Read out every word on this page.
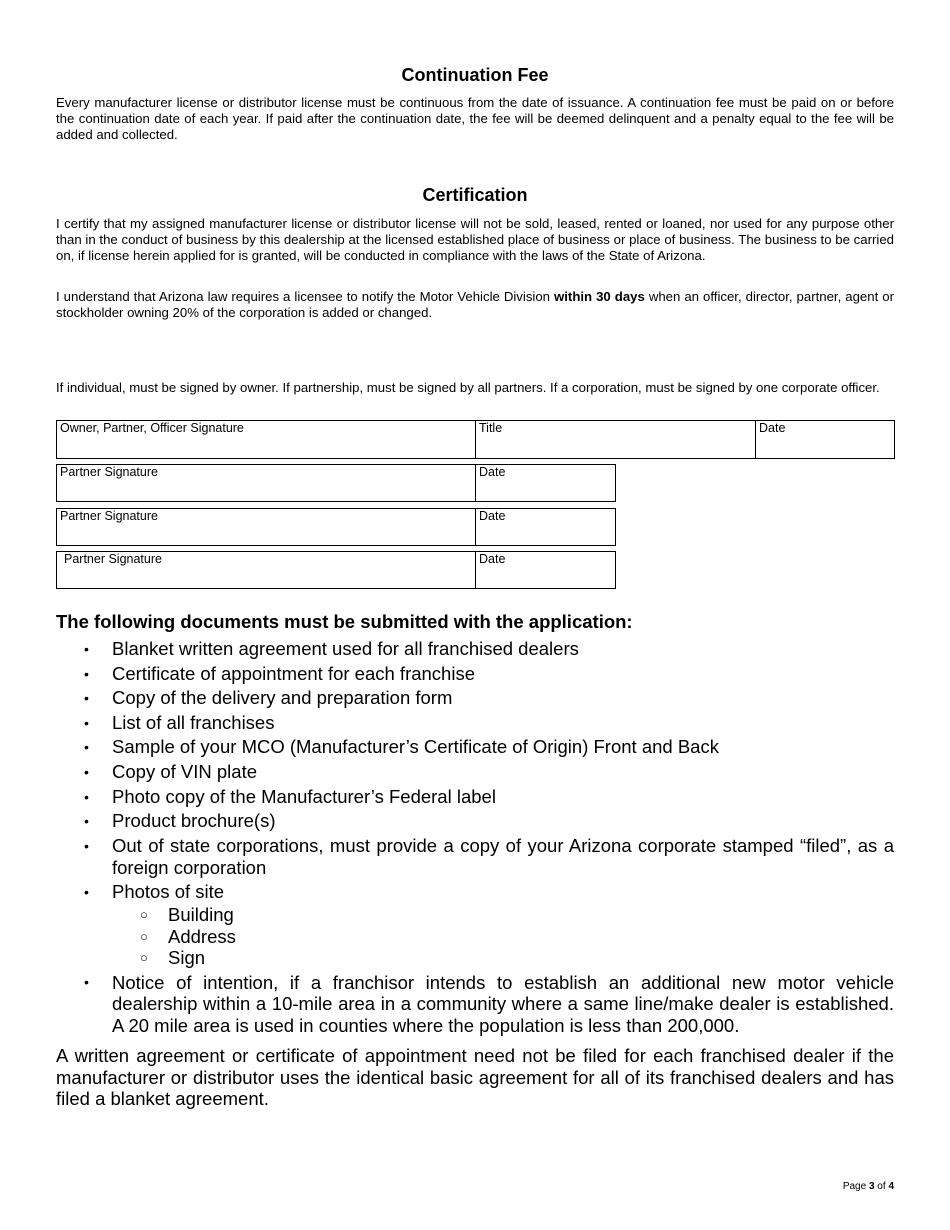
Continuation Fee

Every manufacturer license or distributor license must be continuous from the date of issuance. A continuation fee must be paid on or before the continuation date of each year. If paid after the continuation date, the fee will be deemed delinquent and a penalty equal to the fee will be added and collected.

Certification

I certify that my assigned manufacturer license or distributor license will not be sold, leased, rented or loaned, nor used for any purpose other than in the conduct of business by this dealership at the licensed established place of business or place of business. The business to be carried on, if license herein applied for is granted, will be conducted in compliance with the laws of the State of Arizona.

I understand that Arizona law requires a licensee to notify the Motor Vehicle Division within 30 days when an officer, director, partner, agent or stockholder owning 20% of the corporation is added or changed.

If individual, must be signed by owner. If partnership, must be signed by all partners. If a corporation, must be signed by one corporate officer.

Owner, Partner, Officer Signature	Title	Date
Partner Signature	Date
Partner Signature	Date
Partner Signature	Date
The following documents must be submitted with the application:
• Blanket written agreement used for all franchised dealers
• Certificate of appointment for each franchise
• Copy of the delivery and preparation form
• List of all franchises
• Sample of your MCO (Manufacturer’s Certificate of Origin) Front and Back
• Copy of VIN plate
• Photo copy of the Manufacturer’s Federal label
• Product brochure(s)
• Out of state corporations, must provide a copy of your Arizona corporate stamped “filed”, as a foreign corporation
• Photos of site
○ Building
○ Address
○ Sign
• Notice of intention, if a franchisor intends to establish an additional new motor vehicle dealership within a 10-mile area in a community where a same line/make dealer is established. A 20 mile area is used in counties where the population is less than 200,000.

A written agreement or certificate of appointment need not be filed for each franchised dealer if the manufacturer or distributor uses the identical basic agreement for all of its franchised dealers and has filed a blanket agreement.

Page 3 of 4
